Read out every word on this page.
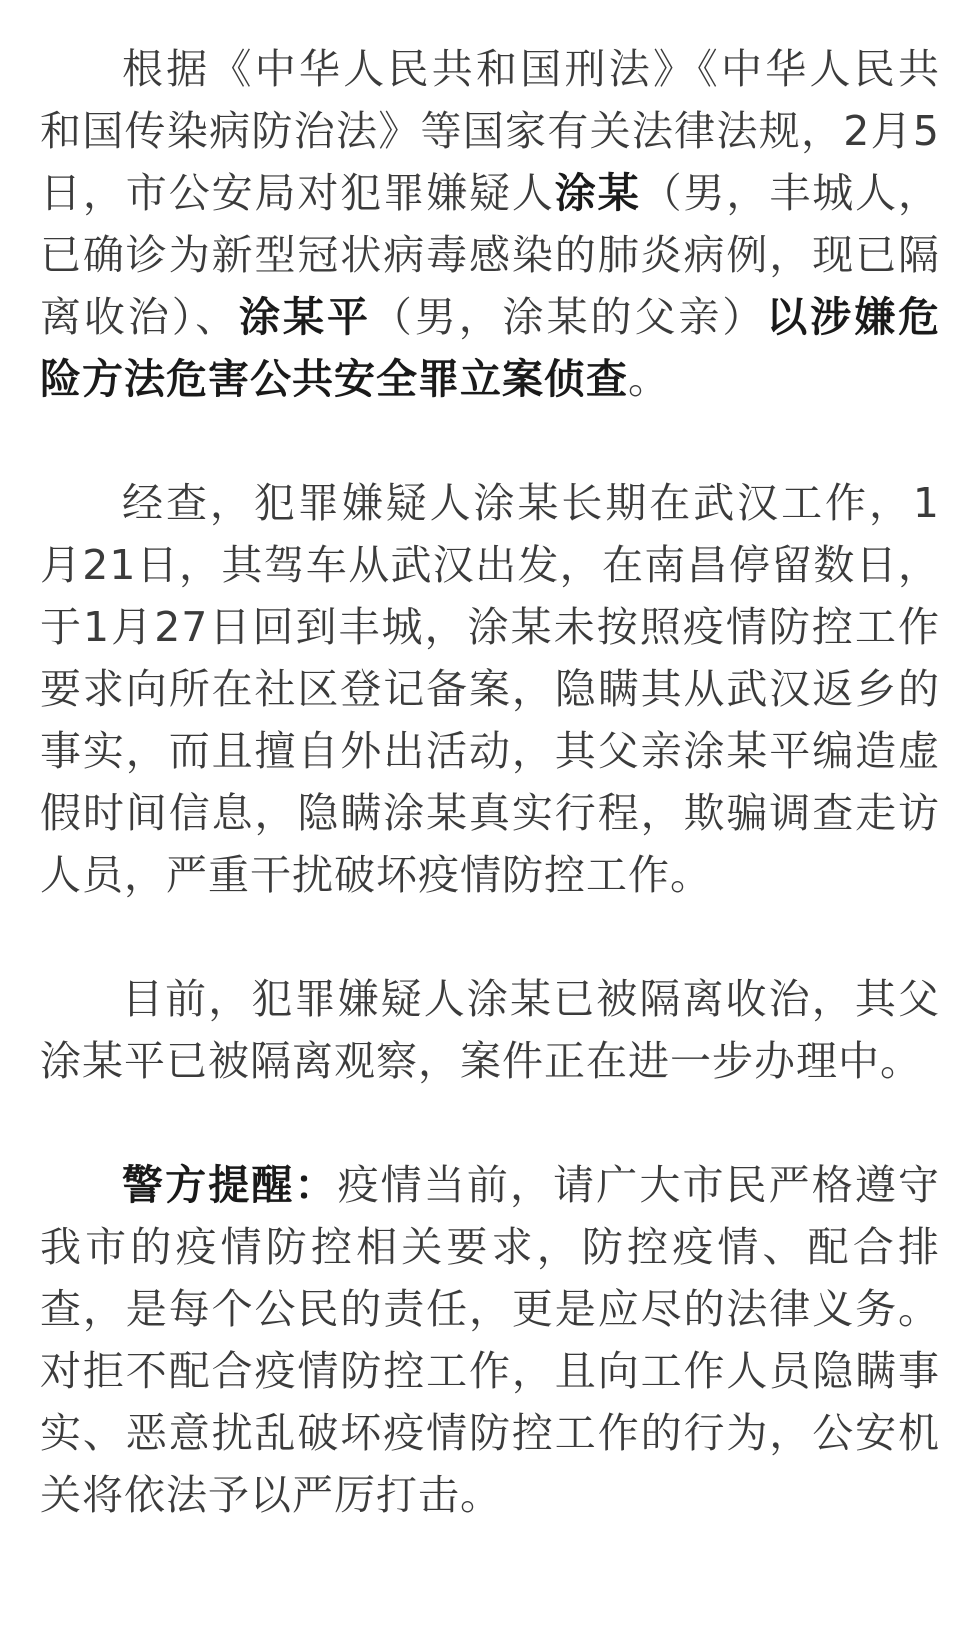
根据《中华人民共和国刑法》《中华人民共和国传染病防治法》等国家有关法律法规，2月5日，市公安局对犯罪嫌疑人涂某（男，丰城人，已确诊为新型冠状病毒感染的肺炎病例，现已隔离收治）、涂某平（男，涂某的父亲）以涉嫌危险方法危害公共安全罪立案侦查。

经查，犯罪嫌疑人涂某长期在武汉工作，1月21日，其驾车从武汉出发，在南昌停留数日，于1月27日回到丰城，涂某未按照疫情防控工作要求向所在社区登记备案，隐瞒其从武汉返乡的事实，而且擅自外出活动，其父亲涂某平编造虚假时间信息，隐瞒涂某真实行程，欺骗调查走访人员，严重干扰破坏疫情防控工作。

目前，犯罪嫌疑人涂某已被隔离收治，其父涂某平已被隔离观察，案件正在进一步办理中。

警方提醒：疫情当前，请广大市民严格遵守我市的疫情防控相关要求，防控疫情、配合排查，是每个公民的责任，更是应尽的法律义务。对拒不配合疫情防控工作，且向工作人员隐瞒事实、恶意扰乱破坏疫情防控工作的行为，公安机关将依法予以严厉打击。
